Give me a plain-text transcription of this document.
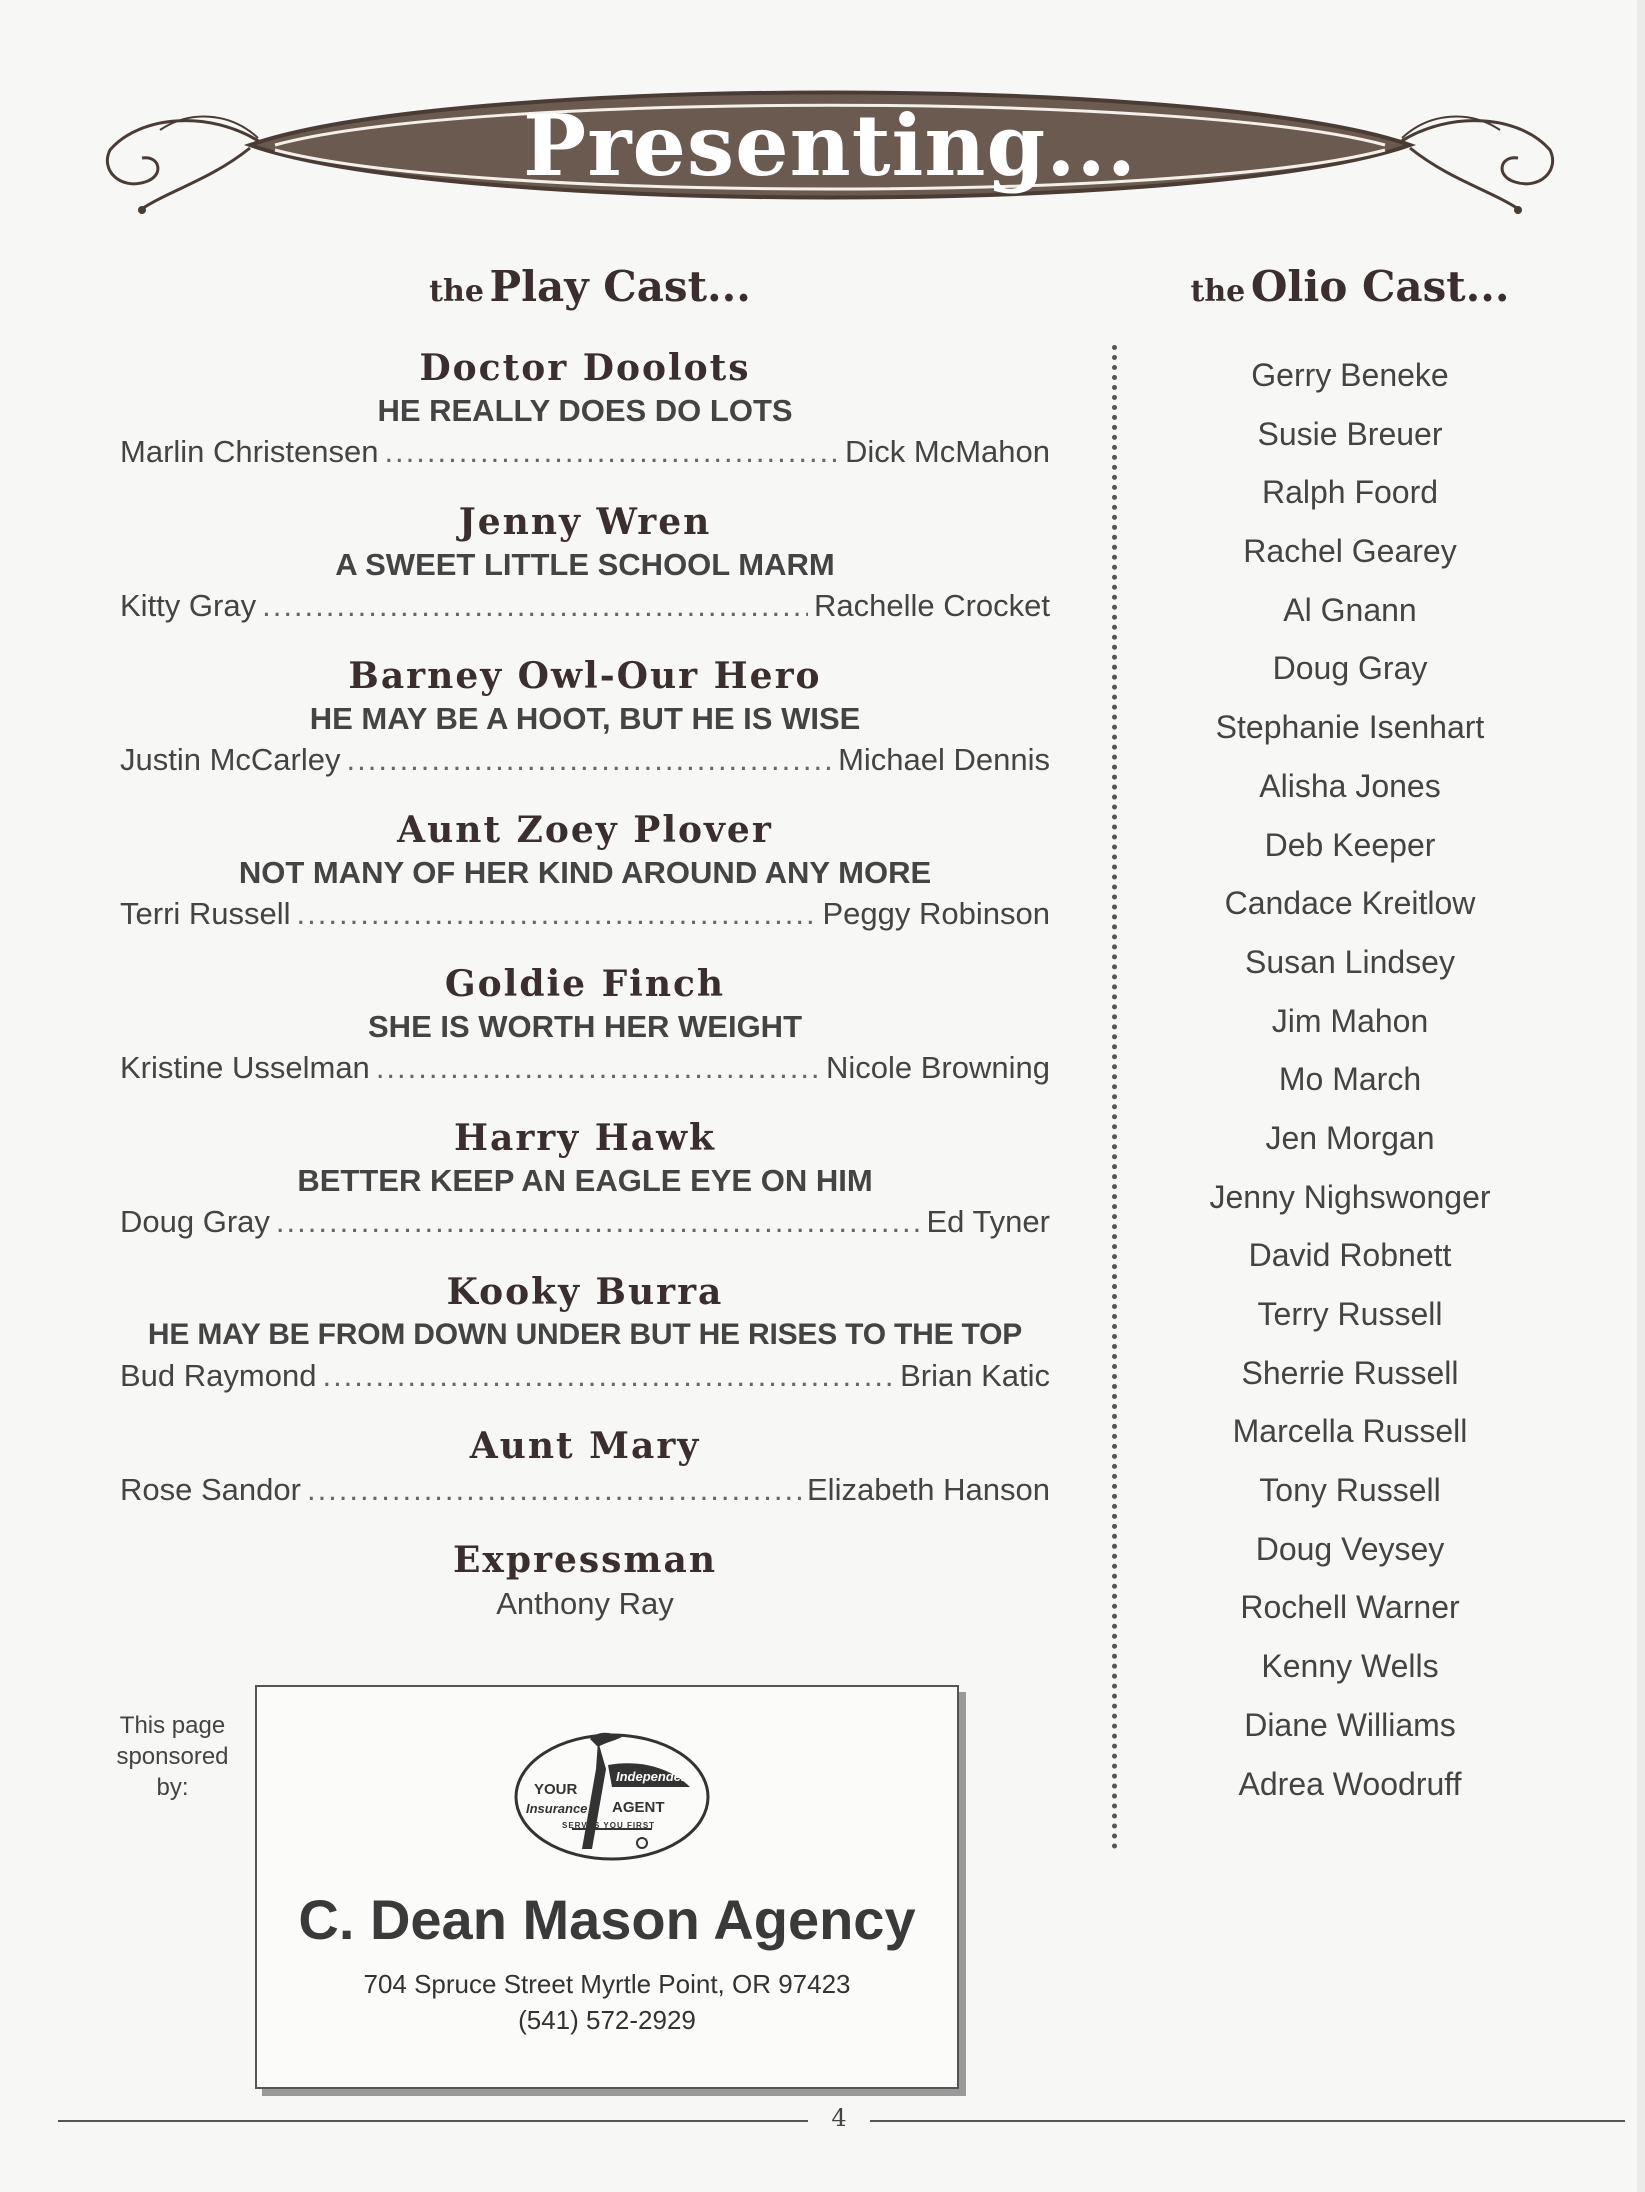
Presenting...
the Play Cast...	the Olio Cast...
Doctor Doolots
HE REALLY DOES DO LOTS
Marlin Christensen .....	Dick McMahon
Jenny Wren
A SWEET LITTLE SCHOOL MARM
Kitty Gray .....	Rachelle Crocket
Barney Owl-Our Hero
HE MAY BE A HOOT, BUT HE IS WISE
Justin McCarley .....	Michael Dennis
Aunt Zoey Plover
NOT MANY OF HER KIND AROUND ANY MORE
Terri Russell .....	Peggy Robinson
Goldie Finch
SHE IS WORTH HER WEIGHT
Kristine Usselman .....	Nicole Browning
Harry Hawk
BETTER KEEP AN EAGLE EYE ON HIM
Doug Gray .....	Ed Tyner
Kooky Burra
HE MAY BE FROM DOWN UNDER BUT HE RISES TO THE TOP
Bud Raymond .....	Brian Katic
Aunt Mary
Rose Sandor .....	Elizabeth Hanson
Expressman
Anthony Ray
Gerry Beneke
Susie Breuer
Ralph Foord
Rachel Gearey
Al Gnann
Doug Gray
Stephanie Isenhart
Alisha Jones
Deb Keeper
Candace Kreitlow
Susan Lindsey
Jim Mahon
Mo March
Jen Morgan
Jenny Nighswonger
David Robnett
Terry Russell
Sherrie Russell
Marcella Russell
Tony Russell
Doug Veysey
Rochell Warner
Kenny Wells
Diane Williams
Adrea Woodruff
This page sponsored by:	YOUR
Independent
Insurance AGENT
SERVES YOU FIRST
C. Dean Mason Agency
704 Spruce Street Myrtle Point, OR 97423
(541) 572-2929
4
